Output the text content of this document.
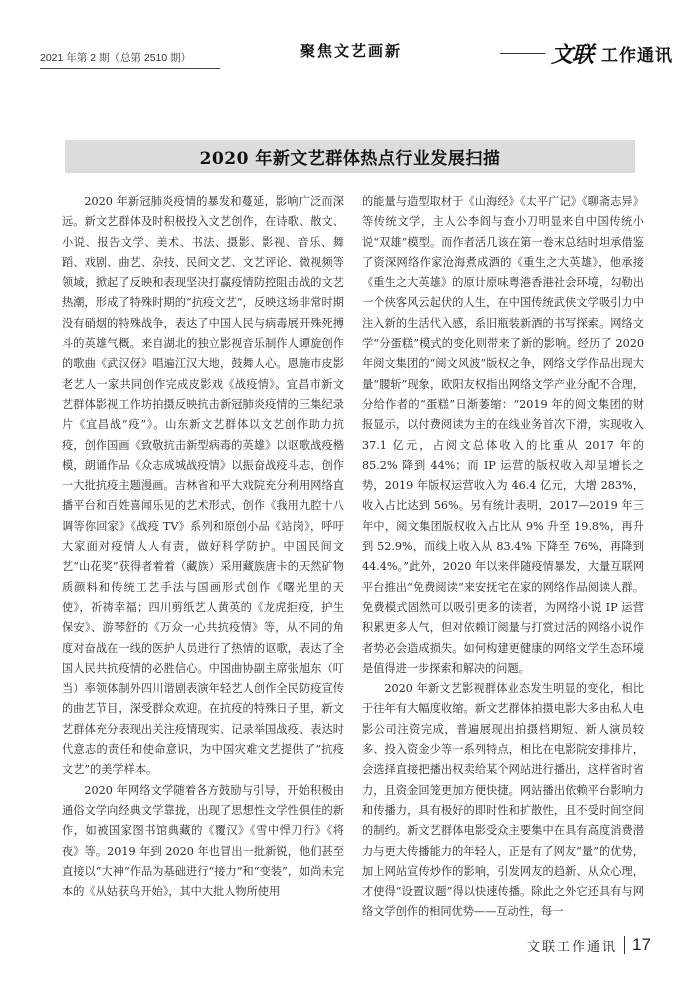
2021 年第 2 期（总第 2510 期）	聚焦文艺画新	文联 工作通讯
2020 年新文艺群体热点行业发展扫描

2020 年新冠肺炎疫情的暴发和蔓延，影响广泛而深远。新文艺群体及时积极投入文艺创作，在诗歌、散文、小说、报告文学、美术、书法、摄影、影视、音乐、舞蹈、戏剧、曲艺、杂技、民间文艺、文艺评论、微视频等领域，掀起了反映和表现坚决打赢疫情防控阻击战的文艺热潮，形成了特殊时期的“抗疫文艺”，反映这场非常时期没有硝烟的特殊战争，表达了中国人民与病毒展开殊死搏斗的英雄气概。来自湖北的独立影视音乐制作人谭旋创作的歌曲《武汉伢》唱遍江汉大地，鼓舞人心。恩施市皮影老艺人一家共同创作完成皮影戏《战疫情》。宜昌市新文艺群体影视工作坊拍摄反映抗击新冠肺炎疫情的三集纪录片《宜昌战“疫”》。山东新文艺群体以文艺创作助力抗疫，创作国画《致敬抗击新型病毒的英雄》以讴歌战疫楷模，朗诵作品《众志成城战疫情》以振奋战疫斗志，创作一大批抗疫主题漫画。吉林省和平大戏院充分利用网络直播平台和百姓喜闻乐见的艺术形式，创作《我用九腔十八调等你回家》《战疫 TV》系列和原创小品《站岗》，呼吁大家面对疫情人人有责，做好科学防护。中国民间文艺“山花奖”获得者着着（藏族）采用藏族唐卡的天然矿物质颜料和传统工艺手法与国画形式创作《曙光里的天使》，祈祷幸福；四川剪纸艺人黄英的《龙虎拒疫，护生保安》、游琴舒的《万众一心共抗疫情》等，从不同的角度对奋战在一线的医护人员进行了热情的讴歌，表达了全国人民共抗疫情的必胜信心。中国曲协副主席张旭东（叮当）率领体制外四川谐剧表演年轻艺人创作全民防疫宣传的曲艺节目，深受群众欢迎。在抗疫的特殊日子里，新文艺群体充分表现出关注疫情现实、记录举国战疫、表达时代意志的责任和使命意识，为中国灾难文艺提供了“抗疫文艺”的美学样本。

2020 年网络文学随着各方鼓励与引导，开始积极由通俗文学向经典文学靠拢，出现了思想性文学性俱佳的新作，如被国家图书馆典藏的《覆汉》《雪中悍刀行》《将夜》等。2019 年到 2020 年也冒出一批新锐，他们甚至直接以“大神”作品为基础进行“接力”和“变装”，如尚未完本的《从姑获鸟开始》，其中大批人物所使用

的能量与造型取材于《山海经》《太平广记》《聊斋志异》等传统文学，主人公李阎与查小刀明显来自中国传统小说“双雄”模型。而作者活几该在第一卷末总结时坦承借鉴了资深网络作家沧海煮成酒的《重生之大英雄》，他承接《重生之大英雄》的原计原味粤港香港社会环境，勾勒出一个侠客风云起伏的人生，在中国传统武侠文学吸引力中注入新的生活代入感，系旧瓶装新酒的书写探索。网络文学“分蛋糕”模式的变化则带来了新的影响。经历了 2020 年阅文集团的“阅文风波”版权之争，网络文学作品出现大量“腰斩”现象，欧阳友权指出网络文学产业分配不合理，分给作者的“蛋糕”日渐萎缩：“2019 年的阅文集团的财报显示，以付费阅读为主的在线业务首次下滑，实现收入 37.1 亿元，占阅文总体收入的比重从 2017 年的 85.2% 降到 44%；而 IP 运营的版权收入却呈增长之势，2019 年版权运营收入为 46.4 亿元，大增 283%，收入占比达到 56%。另有统计表明，2017—2019 年三年中，阅文集团版权收入占比从 9% 升至 19.8%，再升到 52.9%，而线上收入从 83.4% 下降至 76%，再降到 44.4%。”此外，2020 年以来伴随疫情暴发，大量互联网平台推出“免费阅读”来安抚宅在家的网络作品阅读人群。免费模式固然可以吸引更多的读者，为网络小说 IP 运营积累更多人气，但对依赖订阅量与打赏过活的网络小说作者势必会造成损失。如何构建更健康的网络文学生态环境是值得进一步探索和解决的问题。

2020 年新文艺影视群体业态发生明显的变化，相比于往年有大幅度收缩。新文艺群体拍摄电影大多由私人电影公司注资完成，普遍展现出拍摄档期短、新人演员较多、投入资金少等一系列特点，相比在电影院安排排片，会选择直接把播出权卖给某个网站进行播出，这样省时省力，且资金回笼更加方便快捷。网站播出依赖平台影响力和传播力，具有极好的即时性和扩散性，且不受时间空间的制约。新文艺群体电影受众主要集中在具有高度消费潜力与更大传播能力的年轻人，正是有了网友“量”的优势，加上网站宣传炒作的影响，引发网友的趋新、从众心理，才使得“设置议题”得以快速传播。除此之外它还具有与网络文学创作的相同优势——互动性，每一

文联工作通讯 17
